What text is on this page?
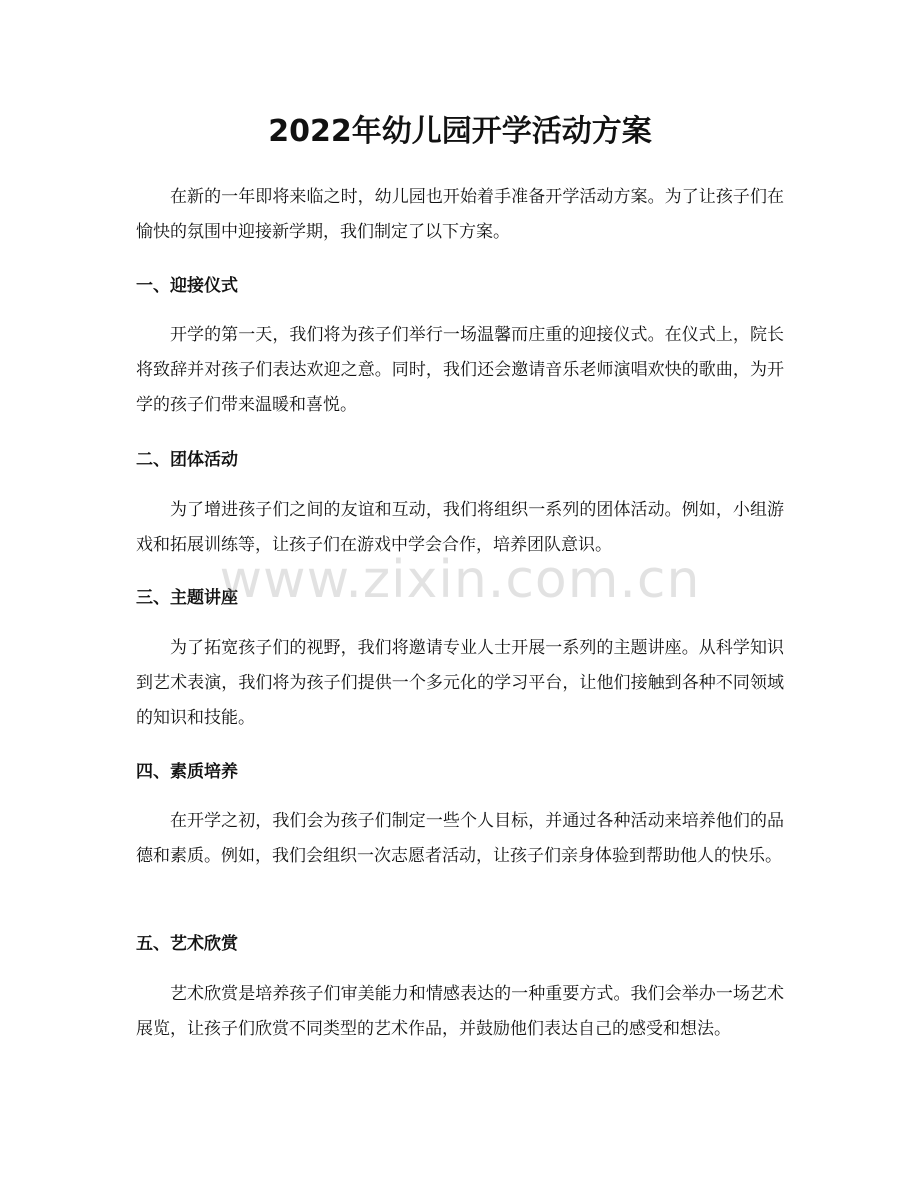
2022年幼儿园开学活动方案

在新的一年即将来临之时，幼儿园也开始着手准备开学活动方案。为了让孩子们在愉快的氛围中迎接新学期，我们制定了以下方案。

一、迎接仪式

开学的第一天，我们将为孩子们举行一场温馨而庄重的迎接仪式。在仪式上，院长将致辞并对孩子们表达欢迎之意。同时，我们还会邀请音乐老师演唱欢快的歌曲，为开学的孩子们带来温暖和喜悦。

二、团体活动

为了增进孩子们之间的友谊和互动，我们将组织一系列的团体活动。例如，小组游戏和拓展训练等，让孩子们在游戏中学会合作，培养团队意识。

三、主题讲座

为了拓宽孩子们的视野，我们将邀请专业人士开展一系列的主题讲座。从科学知识到艺术表演，我们将为孩子们提供一个多元化的学习平台，让他们接触到各种不同领域的知识和技能。

四、素质培养

在开学之初，我们会为孩子们制定一些个人目标，并通过各种活动来培养他们的品德和素质。例如，我们会组织一次志愿者活动，让孩子们亲身体验到帮助他人的快乐。

五、艺术欣赏

艺术欣赏是培养孩子们审美能力和情感表达的一种重要方式。我们会举办一场艺术展览，让孩子们欣赏不同类型的艺术作品，并鼓励他们表达自己的感受和想法。

www.zixin.com.cn
